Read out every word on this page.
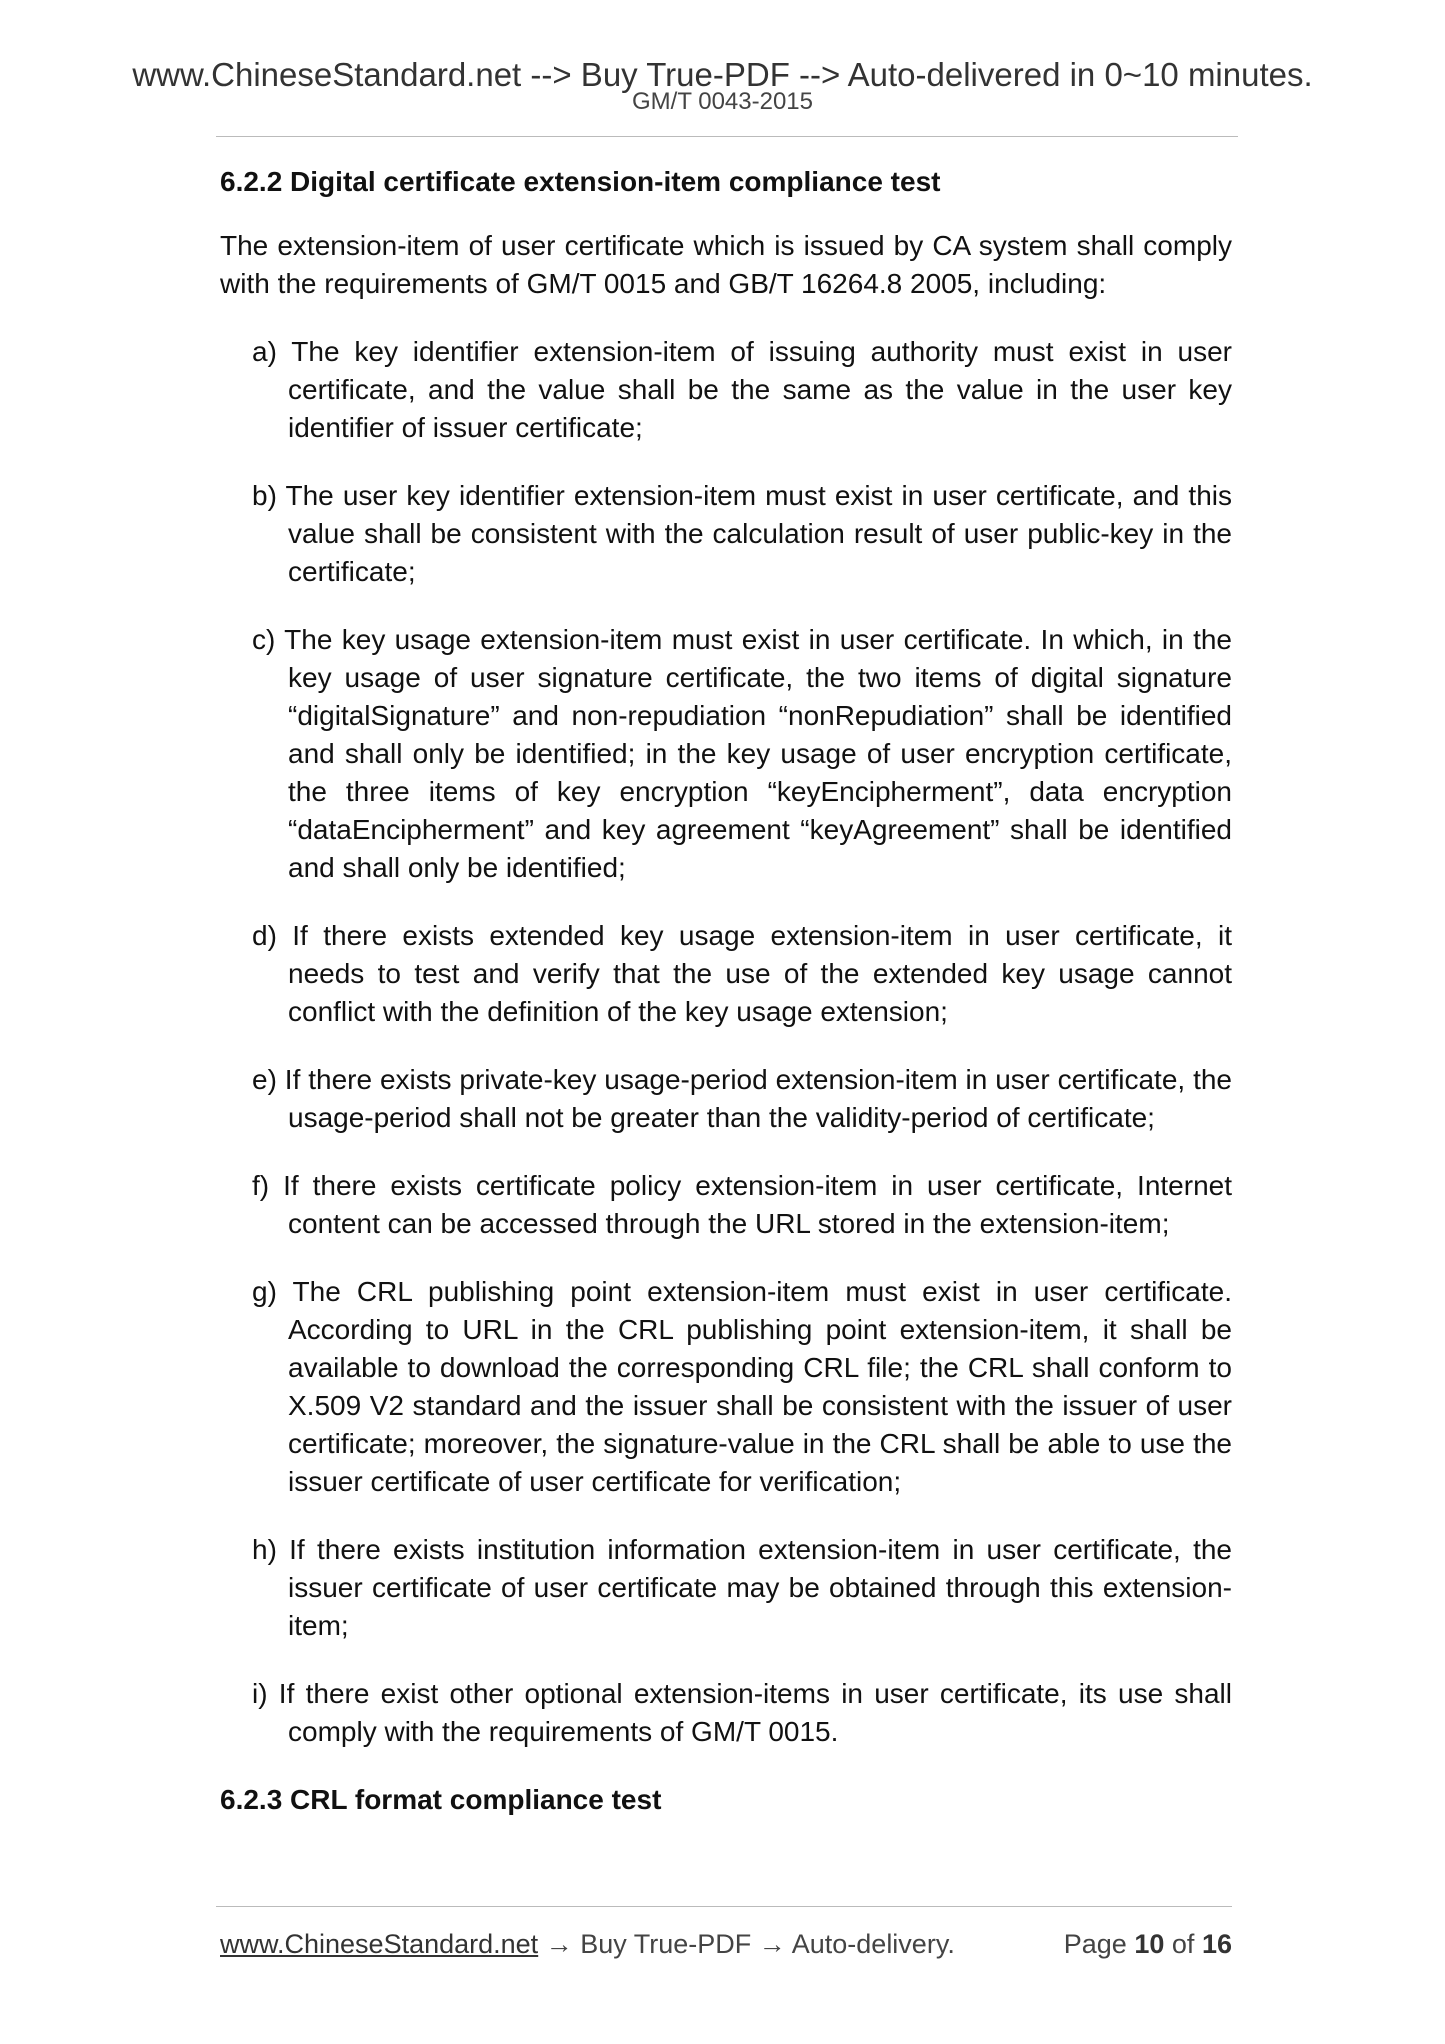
www.ChineseStandard.net --> Buy True-PDF --> Auto-delivered in 0~10 minutes.
GM/T 0043-2015
6.2.2 Digital certificate extension-item compliance test
The extension-item of user certificate which is issued by CA system shall comply with the requirements of GM/T 0015 and GB/T 16264.8 2005, including:
a) The key identifier extension-item of issuing authority must exist in user certificate, and the value shall be the same as the value in the user key identifier of issuer certificate;
b) The user key identifier extension-item must exist in user certificate, and this value shall be consistent with the calculation result of user public-key in the certificate;
c) The key usage extension-item must exist in user certificate. In which, in the key usage of user signature certificate, the two items of digital signature “digitalSignature” and non-repudiation “nonRepudiation” shall be identified and shall only be identified; in the key usage of user encryption certificate, the three items of key encryption “keyEncipherment”, data encryption “dataEncipherment” and key agreement “keyAgreement” shall be identified and shall only be identified;
d) If there exists extended key usage extension-item in user certificate, it needs to test and verify that the use of the extended key usage cannot conflict with the definition of the key usage extension;
e) If there exists private-key usage-period extension-item in user certificate, the usage-period shall not be greater than the validity-period of certificate;
f) If there exists certificate policy extension-item in user certificate, Internet content can be accessed through the URL stored in the extension-item;
g) The CRL publishing point extension-item must exist in user certificate. According to URL in the CRL publishing point extension-item, it shall be available to download the corresponding CRL file; the CRL shall conform to X.509 V2 standard and the issuer shall be consistent with the issuer of user certificate; moreover, the signature-value in the CRL shall be able to use the issuer certificate of user certificate for verification;
h) If there exists institution information extension-item in user certificate, the issuer certificate of user certificate may be obtained through this extension-item;
i) If there exist other optional extension-items in user certificate, its use shall comply with the requirements of GM/T 0015.
6.2.3 CRL format compliance test
www.ChineseStandard.net → Buy True-PDF → Auto-delivery.	Page 10 of 16
